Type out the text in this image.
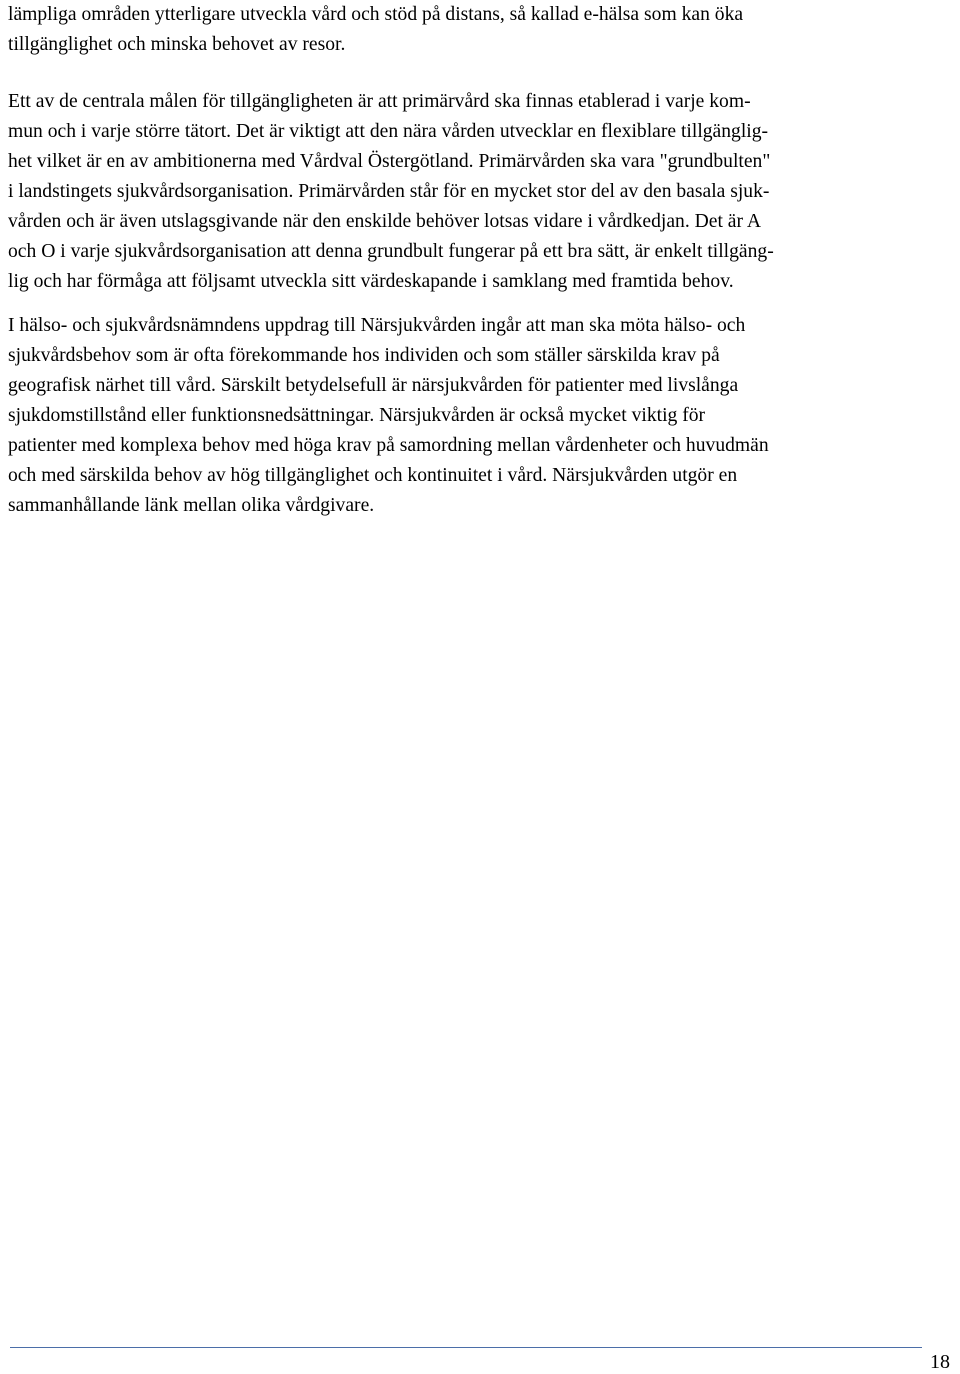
lämpliga områden ytterligare utveckla vård och stöd på distans, så kallad e-hälsa som kan öka
tillgänglighet och minska behovet av resor.
Ett av de centrala målen för tillgängligheten är att primärvård ska finnas etablerad i varje kom-
mun och i varje större tätort. Det är viktigt att den nära vården utvecklar en flexiblare tillgänglig-
het vilket är en av ambitionerna med Vårdval Östergötland. Primärvården ska vara "grundbulten"
i landstingets sjukvårdsorganisation. Primärvården står för en mycket stor del av den basala sjuk-
vården och är även utslagsgivande när den enskilde behöver lotsas vidare i vårdkedjan. Det är A
och O i varje sjukvårdsorganisation att denna grundbult fungerar på ett bra sätt, är enkelt tillgäng-
lig och har förmåga att följsamt utveckla sitt värdeskapande i samklang med framtida behov.
I hälso- och sjukvårdsnämndens uppdrag till Närsjukvården ingår att man ska möta hälso- och
sjukvårdsbehov som är ofta förekommande hos individen och som ställer särskilda krav på
geografisk närhet till vård. Särskilt betydelsefull är närsjukvården för patienter med livslånga
sjukdomstillstånd eller funktionsnedsättningar. Närsjukvården är också mycket viktig för
patienter med komplexa behov med höga krav på samordning mellan vårdenheter och huvudmän
och med särskilda behov av hög tillgänglighet och kontinuitet i vård. Närsjukvården utgör en
sammanhållande länk mellan olika vårdgivare.
18
